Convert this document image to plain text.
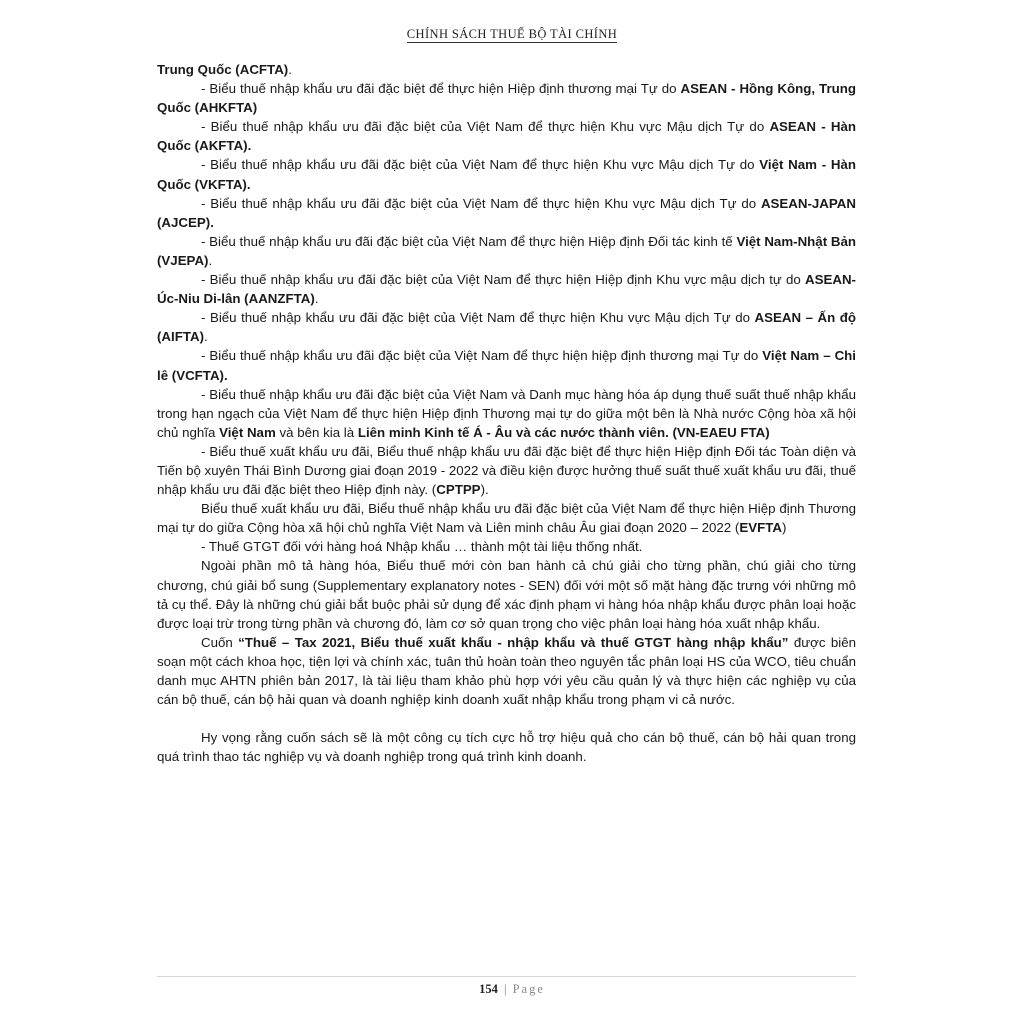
CHÍNH SÁCH THUẾ BỘ TÀI CHÍNH

Trung Quốc (ACFTA).

- Biểu thuế nhập khẩu ưu đãi đặc biệt để thực hiện Hiệp định thương mại Tự do ASEAN - Hồng Kông, Trung Quốc (AHKFTA)

- Biểu thuế nhập khẩu ưu đãi đặc biệt của Việt Nam để thực hiện Khu vực Mậu dịch Tự do ASEAN - Hàn Quốc (AKFTA).

- Biểu thuế nhập khẩu ưu đãi đặc biệt của Việt Nam để thực hiện Khu vực Mậu dịch Tự do Việt Nam - Hàn Quốc (VKFTA).

- Biểu thuế nhập khẩu ưu đãi đặc biệt của Việt Nam để thực hiện Khu vực Mậu dịch Tự do ASEAN-JAPAN (AJCEP).

- Biểu thuế nhập khẩu ưu đãi đặc biệt của Việt Nam để thực hiện Hiệp định Đối tác kinh tế Việt Nam-Nhật Bản (VJEPA).

- Biểu thuế nhập khẩu ưu đãi đặc biệt của Việt Nam để thực hiện Hiệp định Khu vực mậu dịch tự do ASEAN-Úc-Niu Di-lân (AANZFTA).

- Biểu thuế nhập khẩu ưu đãi đặc biệt của Việt Nam để thực hiện Khu vực Mậu dịch Tự do ASEAN – Ấn độ (AIFTA).

- Biểu thuế nhập khẩu ưu đãi đặc biệt của Việt Nam để thực hiện hiệp định thương mại Tự do Việt Nam – Chi lê (VCFTA).

- Biểu thuế nhập khẩu ưu đãi đặc biệt của Việt Nam và Danh mục hàng hóa áp dụng thuế suất thuế nhập khẩu trong hạn ngạch của Việt Nam để thực hiện Hiệp định Thương mại tự do giữa một bên là Nhà nước Cộng hòa xã hội chủ nghĩa Việt Nam và bên kia là Liên minh Kinh tế Á - Âu và các nước thành viên. (VN-EAEU FTA)

- Biểu thuế xuất khẩu ưu đãi, Biểu thuế nhập khẩu ưu đãi đặc biệt để thực hiện Hiệp định Đối tác Toàn diện và Tiến bộ xuyên Thái Bình Dương giai đoạn 2019 - 2022 và điều kiện được hưởng thuế suất thuế xuất khẩu ưu đãi, thuế nhập khẩu ưu đãi đặc biệt theo Hiệp định này. (CPTPP).

Biểu thuế xuất khẩu ưu đãi, Biểu thuế nhập khẩu ưu đãi đặc biệt của Việt Nam để thực hiện Hiệp định Thương mại tự do giữa Cộng hòa xã hội chủ nghĩa Việt Nam và Liên minh châu Âu giai đoạn 2020 – 2022 (EVFTA)

- Thuế GTGT đối với hàng hoá Nhập khẩu … thành một tài liệu thống nhất.

Ngoài phần mô tả hàng hóa, Biểu thuế mới còn ban hành cả chú giải cho từng phần, chú giải cho từng chương, chú giải bổ sung (Supplementary explanatory notes - SEN) đối với một số mặt hàng đặc trưng với những mô tả cụ thể. Đây là những chú giải bắt buộc phải sử dụng để xác định phạm vi hàng hóa nhập khẩu được phân loại hoặc được loại trừ trong từng phần và chương đó, làm cơ sở quan trọng cho việc phân loại hàng hóa xuất nhập khẩu.

Cuốn “Thuế – Tax 2021, Biểu thuế xuất khẩu - nhập khẩu và thuế GTGT hàng nhập khẩu” được biên soạn một cách khoa học, tiện lợi và chính xác, tuân thủ hoàn toàn theo nguyên tắc phân loại HS của WCO, tiêu chuẩn danh mục AHTN phiên bản 2017, là tài liệu tham khảo phù hợp với yêu cầu quản lý và thực hiện các nghiệp vụ của cán bộ thuế, cán bộ hải quan và doanh nghiệp kinh doanh xuất nhập khẩu trong phạm vi cả nước.

Hy vọng rằng cuốn sách sẽ là một công cụ tích cực hỗ trợ hiệu quả cho cán bộ thuế, cán bộ hải quan trong quá trình thao tác nghiệp vụ và doanh nghiệp trong quá trình kinh doanh.

154 | Page
